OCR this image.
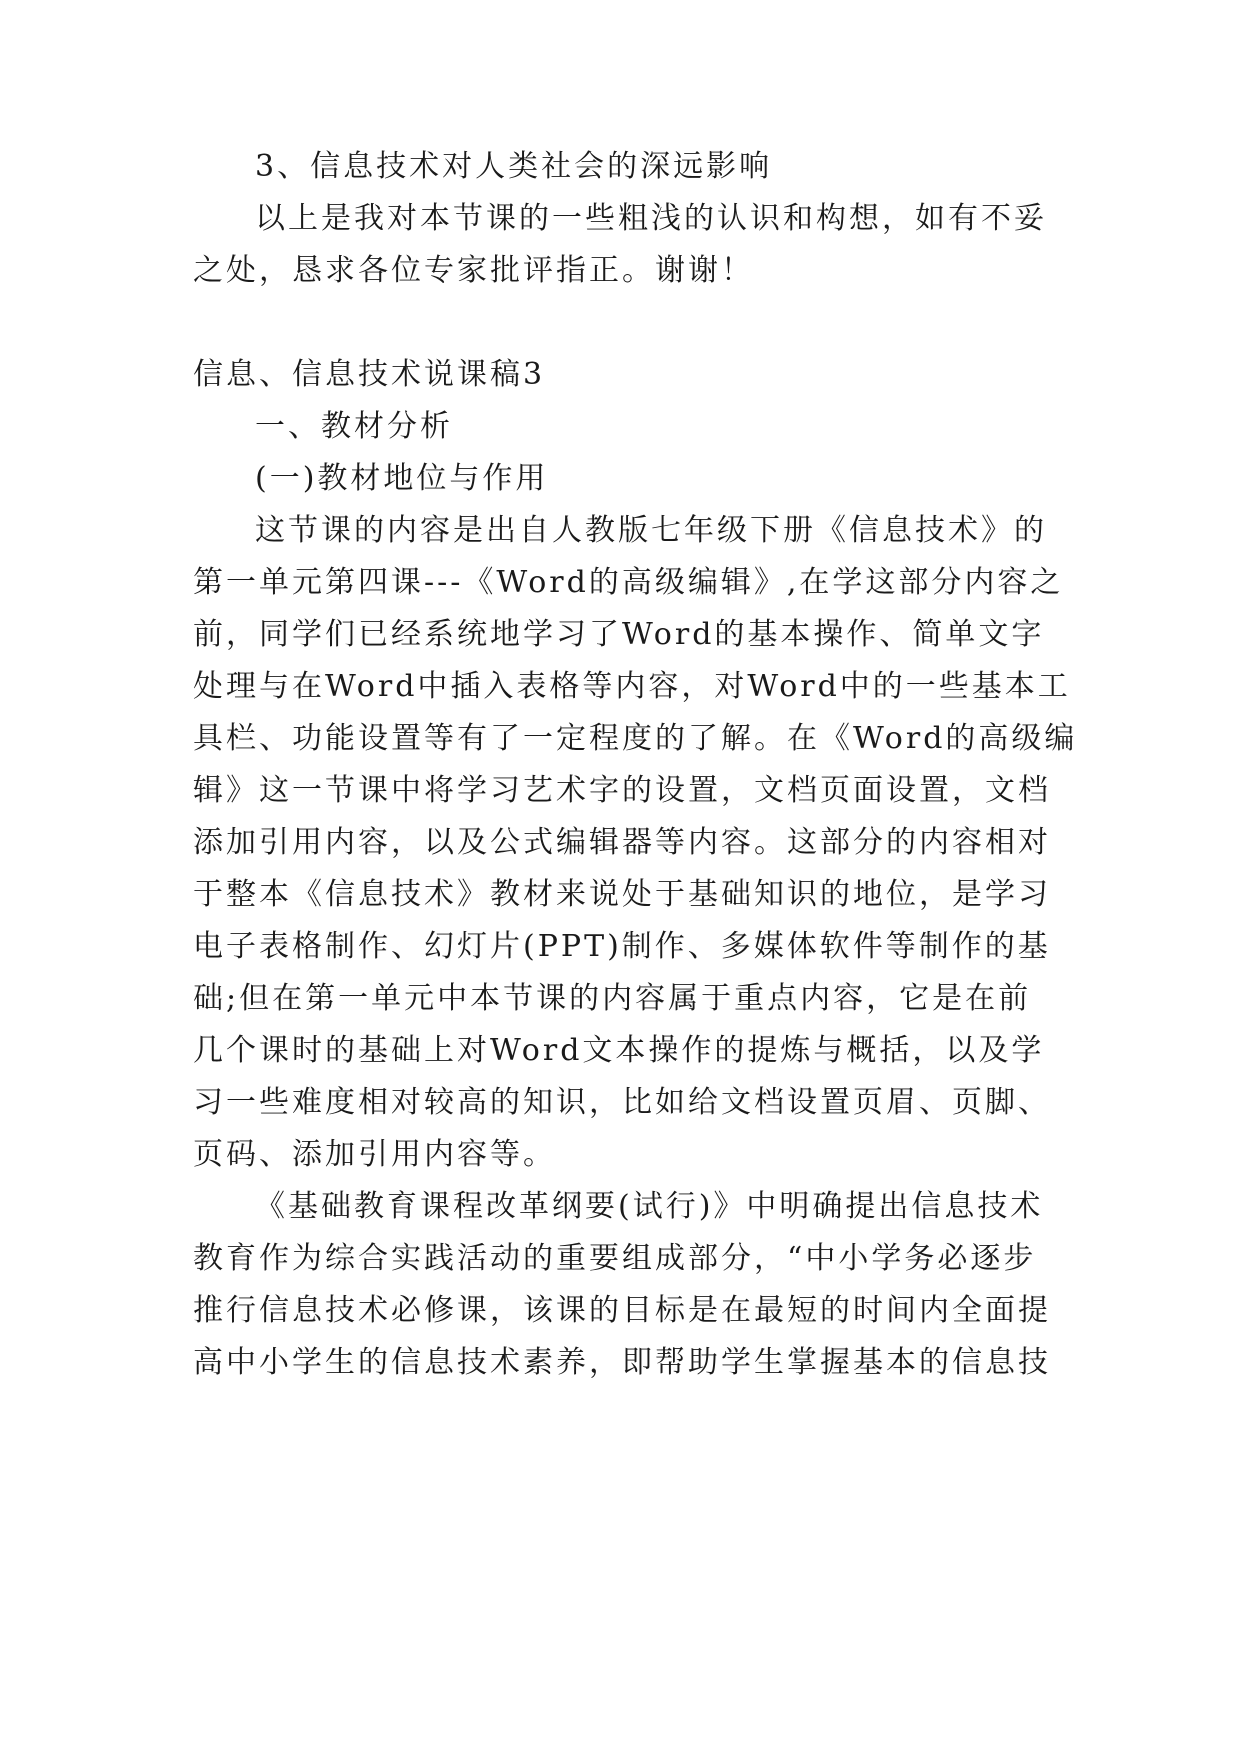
3、信息技术对人类社会的深远影响
以上是我对本节课的一些粗浅的认识和构想，如有不妥
之处，恳求各位专家批评指正。谢谢！
信息、信息技术说课稿3
一、教材分析
(一)教材地位与作用
这节课的内容是出自人教版七年级下册《信息技术》的
第一单元第四课---《Word的高级编辑》,在学这部分内容之
前，同学们已经系统地学习了Word的基本操作、简单文字
处理与在Word中插入表格等内容，对Word中的一些基本工
具栏、功能设置等有了一定程度的了解。在《Word的高级编
辑》这一节课中将学习艺术字的设置，文档页面设置，文档
添加引用内容，以及公式编辑器等内容。这部分的内容相对
于整本《信息技术》教材来说处于基础知识的地位，是学习
电子表格制作、幻灯片(PPT)制作、多媒体软件等制作的基
础;但在第一单元中本节课的内容属于重点内容，它是在前
几个课时的基础上对Word文本操作的提炼与概括，以及学
习一些难度相对较高的知识，比如给文档设置页眉、页脚、
页码、添加引用内容等。
《基础教育课程改革纲要(试行)》中明确提出信息技术
教育作为综合实践活动的重要组成部分，“中小学务必逐步
推行信息技术必修课，该课的目标是在最短的时间内全面提
高中小学生的信息技术素养，即帮助学生掌握基本的信息技
